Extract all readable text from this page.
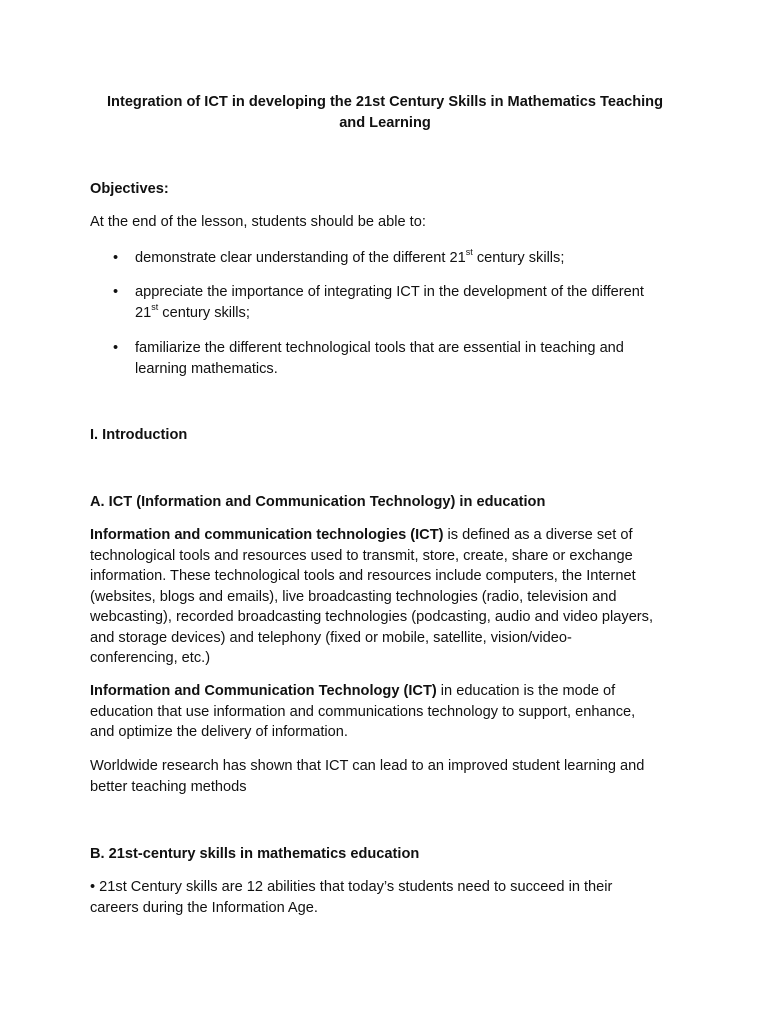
Integration of ICT in developing the 21st Century Skills in Mathematics Teaching
and Learning
Objectives:
At the end of the lesson, students should be able to:
• demonstrate clear understanding of the different 21st century skills;
• appreciate the importance of integrating ICT in the development of the different
21st century skills;
• familiarize the different technological tools that are essential in teaching and
learning mathematics.
I. Introduction
A. ICT (Information and Communication Technology) in education
Information and communication technologies (ICT) is defined as a diverse set of
technological tools and resources used to transmit, store, create, share or exchange
information. These technological tools and resources include computers, the Internet
(websites, blogs and emails), live broadcasting technologies (radio, television and
webcasting), recorded broadcasting technologies (podcasting, audio and video players,
and storage devices) and telephony (fixed or mobile, satellite, vision/video-
conferencing, etc.)
Information and Communication Technology (ICT) in education is the mode of
education that use information and communications technology to support, enhance,
and optimize the delivery of information.
Worldwide research has shown that ICT can lead to an improved student learning and
better teaching methods
B. 21st-century skills in mathematics education
• 21st Century skills are 12 abilities that today’s students need to succeed in their
careers during the Information Age.
